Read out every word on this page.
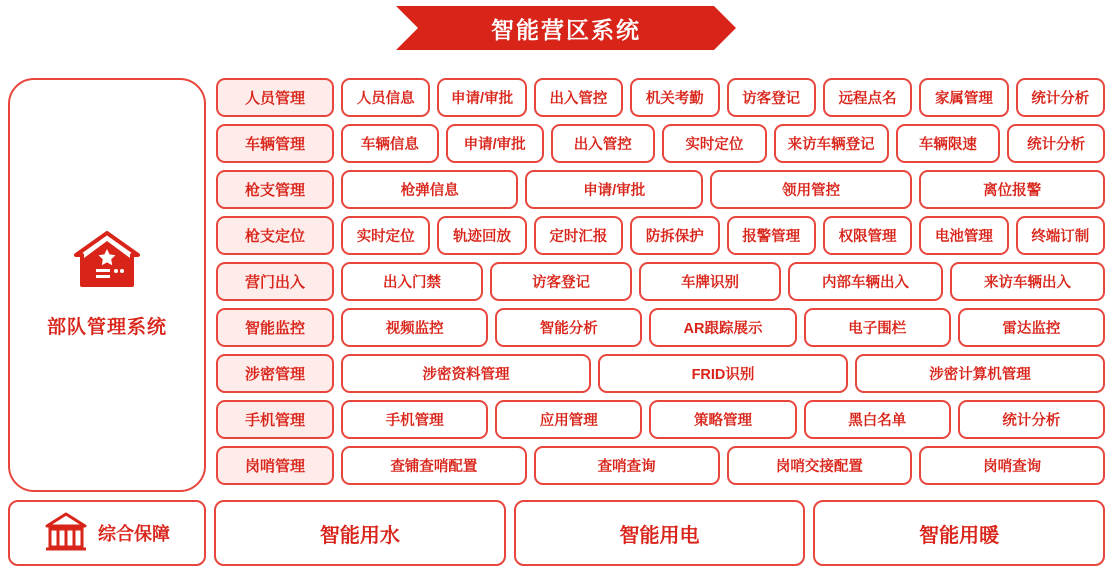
智能营区系统
部队管理系统
人员管理	人员信息	申请/审批	出入管控	机关考勤	访客登记	远程点名	家属管理	统计分析
车辆管理	车辆信息	申请/审批	出入管控	实时定位	来访车辆登记	车辆限速	统计分析
枪支管理	枪弹信息	申请/审批	领用管控	离位报警
枪支定位	实时定位	轨迹回放	定时汇报	防拆保护	报警管理	权限管理	电池管理	终端订制
营门出入	出入门禁	访客登记	车牌识别	内部车辆出入	来访车辆出入
智能监控	视频监控	智能分析	AR跟踪展示	电子围栏	雷达监控
涉密管理	涉密资料管理	FRID识别	涉密计算机管理
手机管理	手机管理	应用管理	策略管理	黑白名单	统计分析
岗哨管理	查铺查哨配置	查哨查询	岗哨交接配置	岗哨查询
综合保障	智能用水	智能用电	智能用暖
